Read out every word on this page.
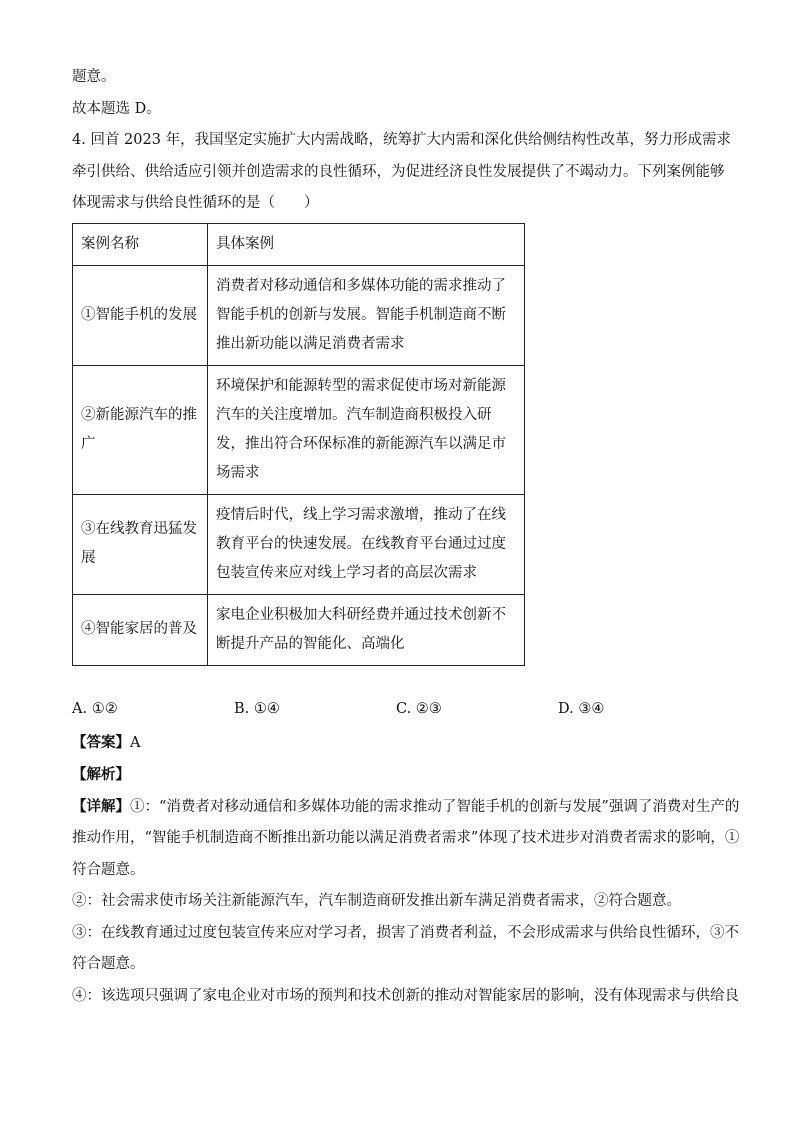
题意。

故本题选 D。

4. 回首 2023 年，我国坚定实施扩大内需战略，统筹扩大内需和深化供给侧结构性改革，努力形成需求牵引供给、供给适应引领并创造需求的良性循环，为促进经济良性发展提供了不竭动力。下列案例能够体现需求与供给良性循环的是（　　）

案例名称	具体案例
①智能手机的发展	消费者对移动通信和多媒体功能的需求推动了智能手机的创新与发展。智能手机制造商不断推出新功能以满足消费者需求
②新能源汽车的推广	环境保护和能源转型的需求促使市场对新能源汽车的关注度增加。汽车制造商积极投入研发，推出符合环保标准的新能源汽车以满足市场需求
③在线教育迅猛发展	疫情后时代，线上学习需求激增，推动了在线教育平台的快速发展。在线教育平台通过过度包装宣传来应对线上学习者的高层次需求
④智能家居的普及	家电企业积极加大科研经费并通过技术创新不断提升产品的智能化、高端化
A. ①②	B. ①④	C. ②③	D. ③④

【答案】A

【解析】

【详解】①：“消费者对移动通信和多媒体功能的需求推动了智能手机的创新与发展”强调了消费对生产的推动作用，“智能手机制造商不断推出新功能以满足消费者需求”体现了技术进步对消费者需求的影响，①符合题意。

②：社会需求使市场关注新能源汽车，汽车制造商研发推出新车满足消费者需求，②符合题意。

③：在线教育通过过度包装宣传来应对学习者，损害了消费者利益，不会形成需求与供给良性循环，③不符合题意。

④：该选项只强调了家电企业对市场的预判和技术创新的推动对智能家居的影响，没有体现需求与供给良
